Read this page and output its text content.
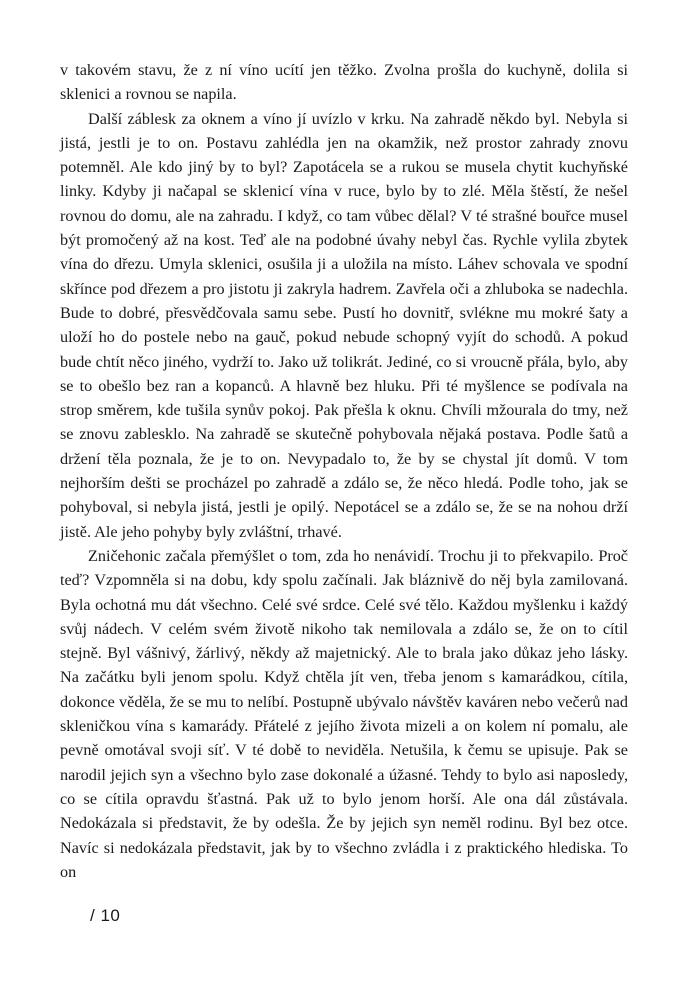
v takovém stavu, že z ní víno ucítí jen těžko. Zvolna prošla do kuchyně, dolila si sklenici a rovnou se napila.

Další záblesk za oknem a víno jí uvízlo v krku. Na zahradě někdo byl. Nebyla si jistá, jestli je to on. Postavu zahlédla jen na okamžik, než prostor zahrady znovu potemněl. Ale kdo jiný by to byl? Zapotácela se a rukou se musela chytit kuchyňské linky. Kdyby ji načapal se sklenicí vína v ruce, bylo by to zlé. Měla štěstí, že nešel rovnou do domu, ale na zahradu. I když, co tam vůbec dělal? V té strašné bouřce musel být promočený až na kost. Teď ale na podobné úvahy nebyl čas. Rychle vylila zbytek vína do dřezu. Umyla sklenici, osušila ji a uložila na místo. Láhev schovala ve spodní skřínce pod dřezem a pro jistotu ji zakryla hadrem. Zavřela oči a zhluboka se nadechla. Bude to dobré, přesvědčovala samu sebe. Pustí ho dovnitř, svlékne mu mokré šaty a uloží ho do postele nebo na gauč, pokud nebude schopný vyjít do schodů. A pokud bude chtít něco jiného, vydrží to. Jako už tolikrát. Jediné, co si vroucně přála, bylo, aby se to obešlo bez ran a kopanců. A hlavně bez hluku. Při té myšlence se podívala na strop směrem, kde tušila synův pokoj. Pak přešla k oknu. Chvíli mžourala do tmy, než se znovu zablesklo. Na zahradě se skutečně pohybovala nějaká postava. Podle šatů a držení těla poznala, že je to on. Nevypadalo to, že by se chystal jít domů. V tom nejhorším dešti se procházel po zahradě a zdálo se, že něco hledá. Podle toho, jak se pohyboval, si nebyla jistá, jestli je opilý. Nepotácel se a zdálo se, že se na nohou drží jistě. Ale jeho pohyby byly zvláštní, trhavé.

Zničehonic začala přemýšlet o tom, zda ho nenávidí. Trochu ji to překvapilo. Proč teď? Vzpomněla si na dobu, kdy spolu začínali. Jak bláznivě do něj byla zamilovaná. Byla ochotná mu dát všechno. Celé své srdce. Celé své tělo. Každou myšlenku i každý svůj nádech. V celém svém životě nikoho tak nemilovala a zdálo se, že on to cítil stejně. Byl vášnivý, žárlivý, někdy až majetnický. Ale to brala jako důkaz jeho lásky. Na začátku byli jenom spolu. Když chtěla jít ven, třeba jenom s kamarádkou, cítila, dokonce věděla, že se mu to nelíbí. Postupně ubývalo návštěv kaváren nebo večerů nad skleničkou vína s kamarády. Přátelé z jejího života mizeli a on kolem ní pomalu, ale pevně omotával svoji síť. V té době to neviděla. Netušila, k čemu se upisuje. Pak se narodil jejich syn a všechno bylo zase dokonalé a úžasné. Tehdy to bylo asi naposledy, co se cítila opravdu šťastná. Pak už to bylo jenom horší. Ale ona dál zůstávala. Nedokázala si představit, že by odešla. Že by jejich syn neměl rodinu. Byl bez otce. Navíc si nedokázala představit, jak by to všechno zvládla i z praktického hlediska. To on

/ 10
